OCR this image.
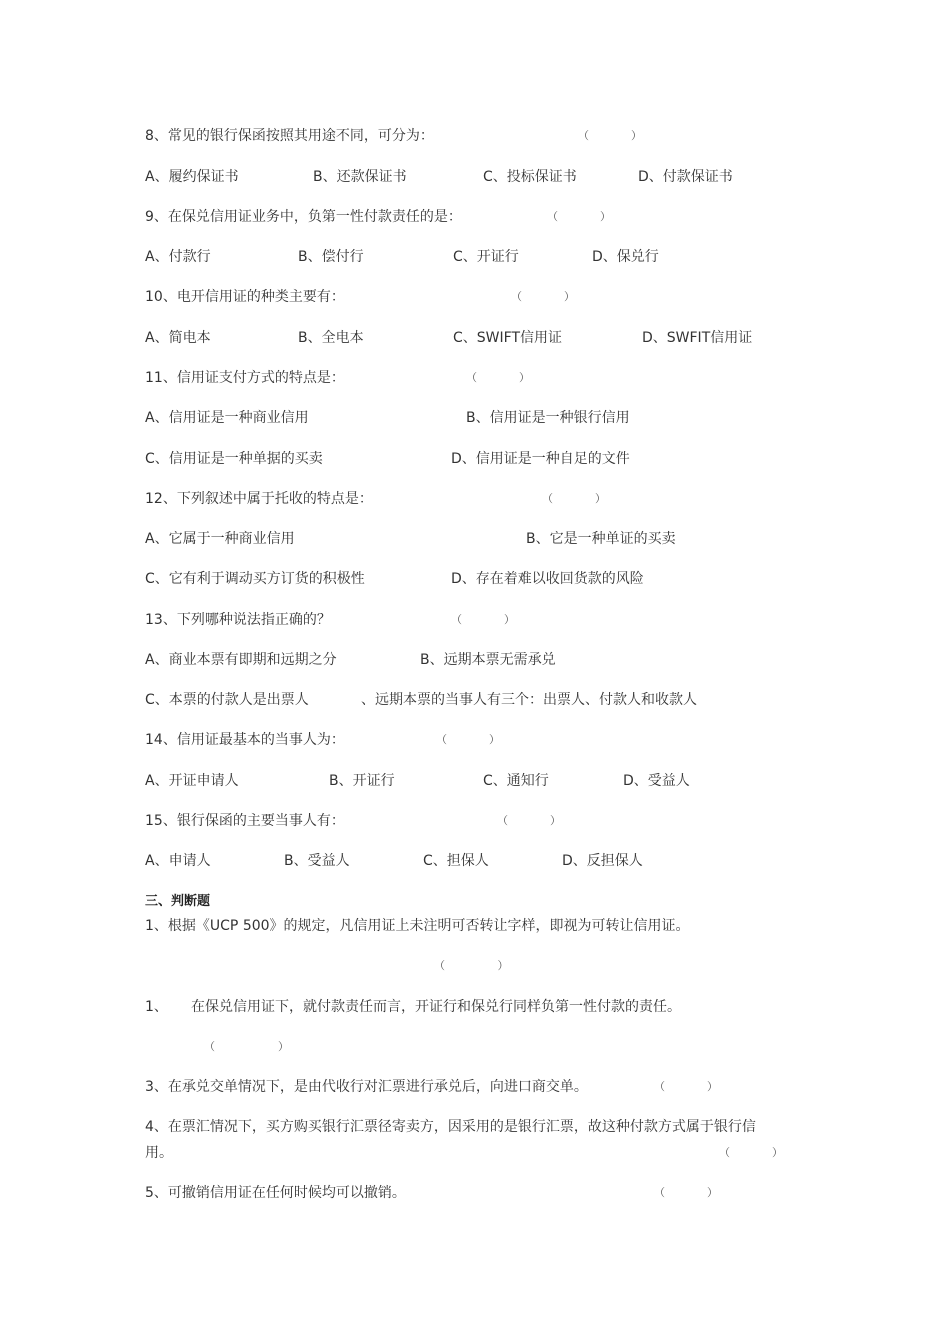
8、常见的银行保函按照其用途不同，可分为：	（            ）
A、履约保证书	B、还款保证书	C、投标保证书	D、付款保证书
9、在保兑信用证业务中，负第一性付款责任的是：	（            ）
A、付款行	B、偿付行	C、开证行	D、保兑行
10、电开信用证的种类主要有：	（            ）
A、简电本	B、全电本	C、SWIFT信用证	D、SWFIT信用证
11、信用证支付方式的特点是：	（            ）
A、信用证是一种商业信用	B、信用证是一种银行信用
C、信用证是一种单据的买卖	D、信用证是一种自足的文件
12、下列叙述中属于托收的特点是：	（            ）
A、它属于一种商业信用	B、它是一种单证的买卖
C、它有利于调动买方订货的积极性	D、存在着难以收回货款的风险
13、下列哪种说法指正确的？	（            ）
A、商业本票有即期和远期之分	B、远期本票无需承兑
C、本票的付款人是出票人	、远期本票的当事人有三个：出票人、付款人和收款人
14、信用证最基本的当事人为：	（            ）
A、开证申请人	B、开证行	C、通知行	D、受益人
15、银行保函的主要当事人有：	（            ）
A、申请人	B、受益人	C、担保人	D、反担保人
三、判断题
1、根据《UCP 500》的规定，凡信用证上未注明可否转让字样，即视为可转让信用证。
（               ）
1、 在保兑信用证下，就付款责任而言，开证行和保兑行同样负第一性付款的责任。
（                  ）
3、在承兑交单情况下，是由代收行对汇票进行承兑后，向进口商交单。	（            ）
4、在票汇情况下，买方购买银行汇票径寄卖方，因采用的是银行汇票，故这种付款方式属于银行信
用。	（            ）
5、可撤销信用证在任何时候均可以撤销。	（            ）
